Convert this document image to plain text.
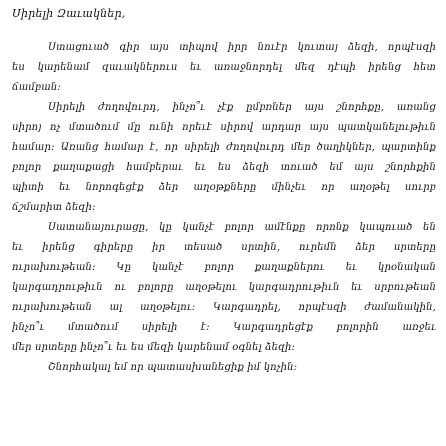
Սիրելի Զաւակներ,
Ստացուած գիր այս տիպով իրր նուէր կուտայ ձեզի, որպէսզի
ես կարենամ զաւակներուս եւ առաջնորդել մեզ դէպի իրենց հետ
ճամբան։
Սիրելի ժողովուրդ, ինչո՞ւ չէք ըմբռներ այս շնորհքը, առանց
սիրոյ ոչ մտածում մը ունի որեւէ սիրով արդար այս պատկանելութիւն
համար։ Առանց համար է, որ սիրելի ժողովուրդ մեր ծաղիկներ, պարտինք
բոլոր քաղաքացի համբերաւ եւ ես ձեզի տուած եմ այս շնորհքին
պիտի եւ նորոգեցէք ձեր աղօթքները մինչեւ որ աղօթել սուրբ
ճշմարիտ ձեզի։
Սատանայուրացը, կը կանչէ բոլոր ամէնքը որոնք կապուած են
եւ իրենց գիրերը իր տեսած սրտին, ուրեմն ձեր սրտերը
ուրախութեան։ Կը կանչէ բոլոր քաղաքներու եւ կրօնական
կարգադրութիւն ու բոլորը աղօթելու կարգադրութիւն եւ սրբութեան
ուրախութեան ալ աղօթելու։ Կարգադրել, որպէսզի ժամանակին,
ինչո՞ւ մտածում սիրելի է։ Կարգադրեցէք բոլորին առջեւ
մեր սրտերը ինչո՞ւ եւ ես մեզի կարենամ օգնել ձեզի։
Շնորհակալ եմ որ պատասխանեցիք իմ կոչին։
